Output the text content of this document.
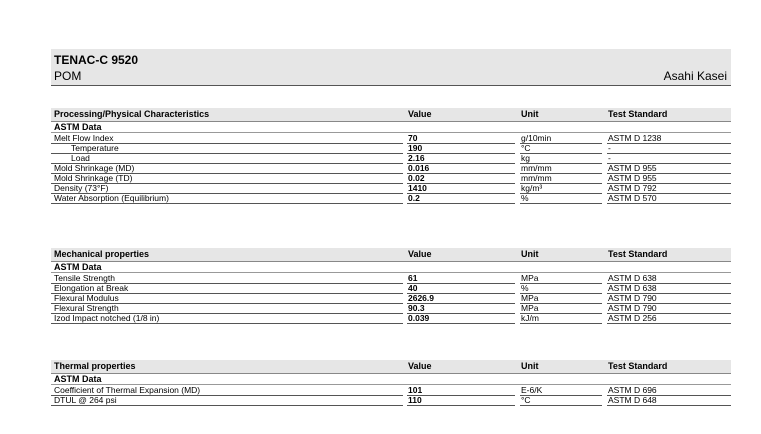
TENAC-C 9520
POM	Asahi Kasei
Processing/Physical Characteristics	Value	Unit	Test Standard
ASTM Data
Melt Flow Index	70	g/10min	ASTM D 1238
Temperature	190	°C	-
Load	2.16	kg	-
Mold Shrinkage (MD)	0.016	mm/mm	ASTM D 955
Mold Shrinkage (TD)	0.02	mm/mm	ASTM D 955
Density (73°F)	1410	kg/m³	ASTM D 792
Water Absorption (Equilibrium)	0.2	%	ASTM D 570
Mechanical properties	Value	Unit	Test Standard
ASTM Data
Tensile Strength	61	MPa	ASTM D 638
Elongation at Break	40	%	ASTM D 638
Flexural Modulus	2626.9	MPa	ASTM D 790
Flexural Strength	90.3	MPa	ASTM D 790
Izod Impact notched (1/8 in)	0.039	kJ/m	ASTM D 256
Thermal properties	Value	Unit	Test Standard
ASTM Data
Coefficient of Thermal Expansion (MD)	101	E-6/K	ASTM D 696
DTUL @ 264 psi	110	°C	ASTM D 648
